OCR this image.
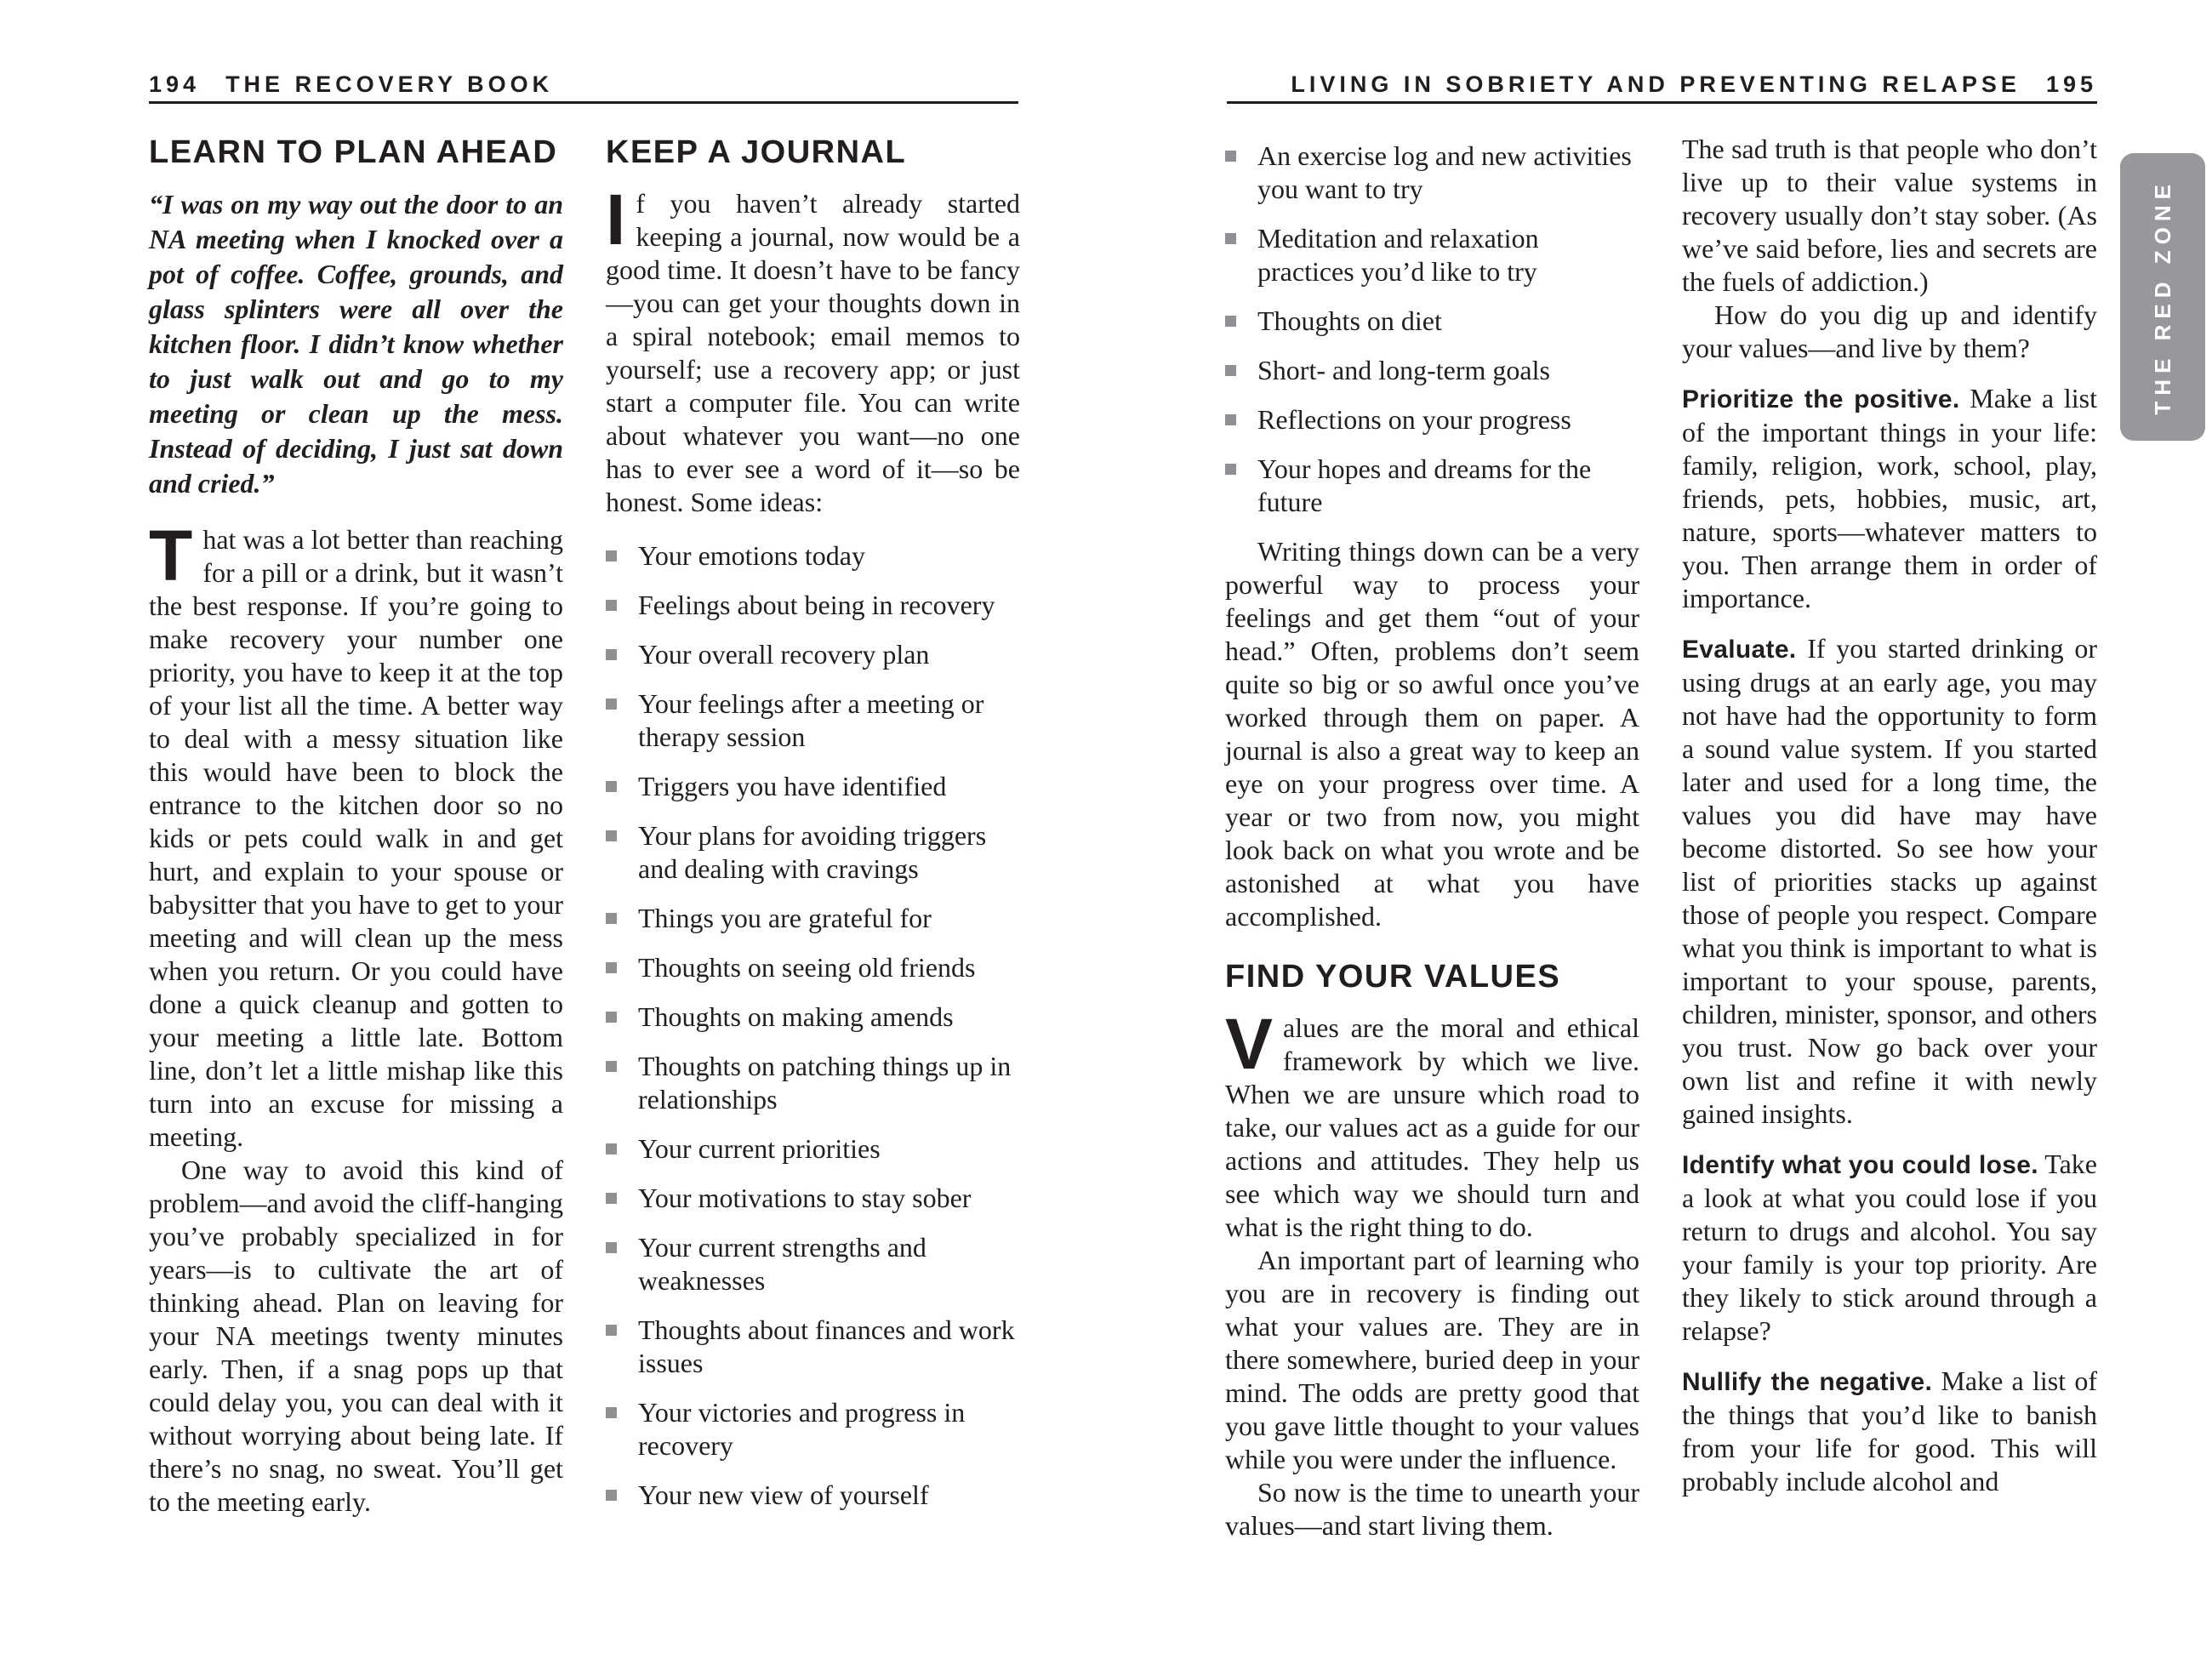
194 THE RECOVERY BOOK	LIVING IN SOBRIETY AND PREVENTING RELAPSE 195
LEARN TO PLAN AHEAD

“I was on my way out the door to an NA meeting when I knocked over a pot of coffee. Coffee, grounds, and glass splinters were all over the kitchen floor. I didn’t know whether to just walk out and go to my meeting or clean up the mess. Instead of deciding, I just sat down and cried.”

That was a lot better than reaching for a pill or a drink, but it wasn’t the best response. If you’re going to make recovery your number one priority, you have to keep it at the top of your list all the time. A better way to deal with a messy situation like this would have been to block the entrance to the kitchen door so no kids or pets could walk in and get hurt, and explain to your spouse or babysitter that you have to get to your meeting and will clean up the mess when you return. Or you could have done a quick cleanup and gotten to your meeting a little late. Bottom line, don’t let a little mishap like this turn into an excuse for missing a meeting.

One way to avoid this kind of problem—and avoid the cliff-hanging you’ve probably specialized in for years—is to cultivate the art of thinking ahead. Plan on leaving for your NA meetings twenty minutes early. Then, if a snag pops up that could delay you, you can deal with it without worrying about being late. If there’s no snag, no sweat. You’ll get to the meeting early.

KEEP A JOURNAL

If you haven’t already started keeping a journal, now would be a good time. It doesn’t have to be fancy—you can get your thoughts down in a spiral notebook; email memos to yourself; use a recovery app; or just start a computer file. You can write about whatever you want—no one has to ever see a word of it—so be honest. Some ideas:

Your emotions today
Feelings about being in recovery
Your overall recovery plan
Your feelings after a meeting or therapy session
Triggers you have identified
Your plans for avoiding triggers and dealing with cravings
Things you are grateful for
Thoughts on seeing old friends
Thoughts on making amends
Thoughts on patching things up in relationships
Your current priorities
Your motivations to stay sober
Your current strengths and weaknesses
Thoughts about finances and work issues
Your victories and progress in recovery
Your new view of yourself
An exercise log and new activities you want to try
Meditation and relaxation practices you’d like to try
Thoughts on diet
Short- and long-term goals
Reflections on your progress
Your hopes and dreams for the future

Writing things down can be a very powerful way to process your feelings and get them “out of your head.” Often, problems don’t seem quite so big or so awful once you’ve worked through them on paper. A journal is also a great way to keep an eye on your progress over time. A year or two from now, you might look back on what you wrote and be astonished at what you have accomplished.

FIND YOUR VALUES

Values are the moral and ethical framework by which we live. When we are unsure which road to take, our values act as a guide for our actions and attitudes. They help us see which way we should turn and what is the right thing to do.

An important part of learning who you are in recovery is finding out what your values are. They are in there somewhere, buried deep in your mind. The odds are pretty good that you gave little thought to your values while you were under the influence.

So now is the time to unearth your values—and start living them.

The sad truth is that people who don’t live up to their value systems in recovery usually don’t stay sober. (As we’ve said before, lies and secrets are the fuels of addiction.)

How do you dig up and identify your values—and live by them?

Prioritize the positive. Make a list of the important things in your life: family, religion, work, school, play, friends, pets, hobbies, music, art, nature, sports—whatever matters to you. Then arrange them in order of importance.

Evaluate. If you started drinking or using drugs at an early age, you may not have had the opportunity to form a sound value system. If you started later and used for a long time, the values you did have may have become distorted. So see how your list of priorities stacks up against those of people you respect. Compare what you think is important to what is important to your spouse, parents, children, minister, sponsor, and others you trust. Now go back over your own list and refine it with newly gained insights.

Identify what you could lose. Take a look at what you could lose if you return to drugs and alcohol. You say your family is your top priority. Are they likely to stick around through a relapse?

Nullify the negative. Make a list of the things that you’d like to banish from your life for good. This will probably include alcohol and

THE RED ZONE
